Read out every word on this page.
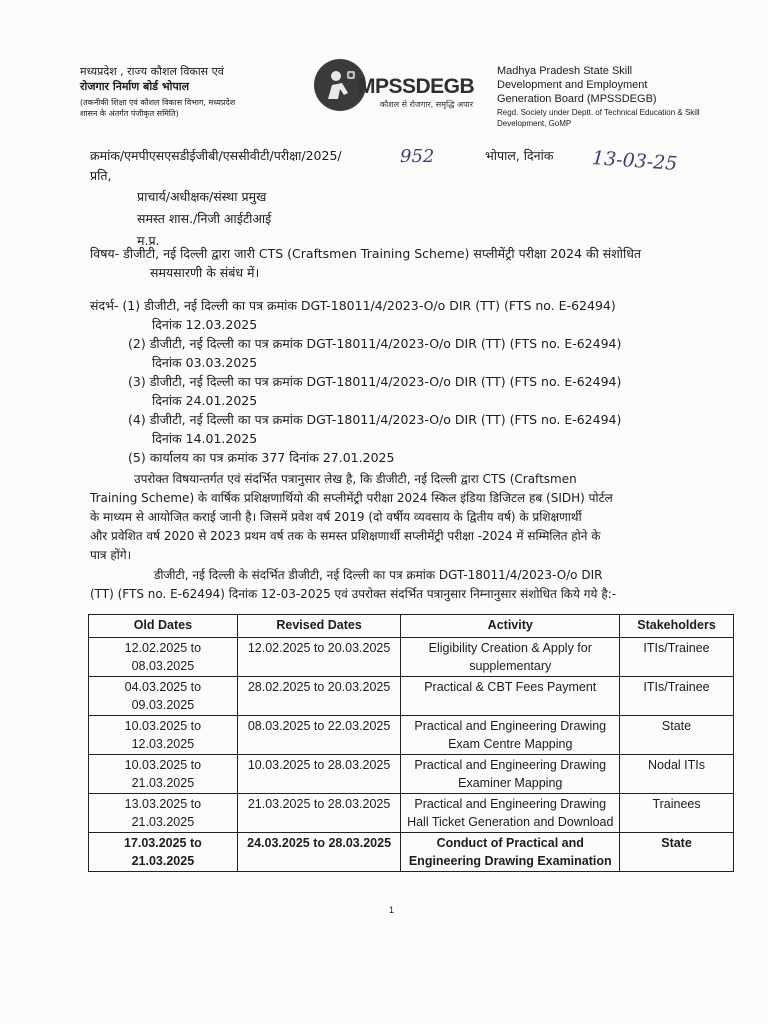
मध्यप्रदेश , राज्य कौशल विकास एवं
रोजगार निर्माण बोर्ड भोपाल
(तकनीकी शिक्षा एवं कौशल विकास विभाग, मध्यप्रदेश
शासन के अंतर्गत पंजीकृत समिति)
MPSSDEGB
कौशल से रोजगार, समृद्धि अपार
Madhya Pradesh State Skill
Development and Employment
Generation Board (MPSSDEGB)
Regd. Society under Deptt. of Technical Education & Skill
Development, GoMP
क्रमांक/एमपीएसएसडीईजीबी/एससीवीटी/परीक्षा/2025/	952	भोपाल, दिनांक 13-03-25
प्रति,
प्राचार्य/अधीक्षक/संस्था प्रमुख
समस्त शास./निजी आईटीआई
म.प्र.
विषय- डीजीटी, नई दिल्ली द्वारा जारी CTS (Craftsmen Training Scheme) सप्लीमेंट्री परीक्षा 2024 की संशोधित
समयसारणी के संबंध में।
संदर्भ- (1) डीजीटी, नई दिल्ली का पत्र क्रमांक DGT-18011/4/2023-O/o DIR (TT) (FTS no. E-62494)
दिनांक 12.03.2025
(2) डीजीटी, नई दिल्ली का पत्र क्रमांक DGT-18011/4/2023-O/o DIR (TT) (FTS no. E-62494)
दिनांक 03.03.2025
(3) डीजीटी, नई दिल्ली का पत्र क्रमांक DGT-18011/4/2023-O/o DIR (TT) (FTS no. E-62494)
दिनांक 24.01.2025
(4) डीजीटी, नई दिल्ली का पत्र क्रमांक DGT-18011/4/2023-O/o DIR (TT) (FTS no. E-62494)
दिनांक 14.01.2025
(5) कार्यालय का पत्र क्रमांक 377 दिनांक 27.01.2025
उपरोक्त विषयान्तर्गत एवं संदर्भित पत्रानुसार लेख है, कि डीजीटी, नई दिल्ली द्वारा CTS (Craftsmen
Training Scheme) के वार्षिक प्रशिक्षणार्थियो की सप्लीमेंट्री परीक्षा 2024 स्किल इंडिया डिजिटल हब (SIDH) पोर्टल
के माध्यम से आयोजित कराई जानी है। जिसमें प्रवेश वर्ष 2019 (दो वर्षीय व्यवसाय के द्वितीय वर्ष) के प्रशिक्षणार्थी
और प्रवेशित वर्ष 2020 से 2023 प्रथम वर्ष तक के समस्त प्रशिक्षणार्थी सप्लीमेंट्री परीक्षा -2024 में सम्मिलित होने के
पात्र होंगे।
डीजीटी, नई दिल्ली के संदर्भित डीजीटी, नई दिल्ली का पत्र क्रमांक DGT-18011/4/2023-O/o DIR
(TT) (FTS no. E-62494) दिनांक 12-03-2025 एवं उपरोक्त संदर्भित पत्रानुसार निम्नानुसार संशोधित किये गये है:-
Old Dates	Revised Dates	Activity	Stakeholders
12.02.2025 to 08.03.2025	12.02.2025 to 20.03.2025	Eligibility Creation & Apply for supplementary	ITIs/Trainee
04.03.2025 to 09.03.2025	28.02.2025 to 20.03.2025	Practical & CBT Fees Payment	ITIs/Trainee
10.03.2025 to 12.03.2025	08.03.2025 to 22.03.2025	Practical and Engineering Drawing Exam Centre Mapping	State
10.03.2025 to 21.03.2025	10.03.2025 to 28.03.2025	Practical and Engineering Drawing Examiner Mapping	Nodal ITIs
13.03.2025 to 21.03.2025	21.03.2025 to 28.03.2025	Practical and Engineering Drawing Hall Ticket Generation and Download	Trainees
17.03.2025 to 21.03.2025	24.03.2025 to 28.03.2025	Conduct of Practical and Engineering Drawing Examination	State
1
